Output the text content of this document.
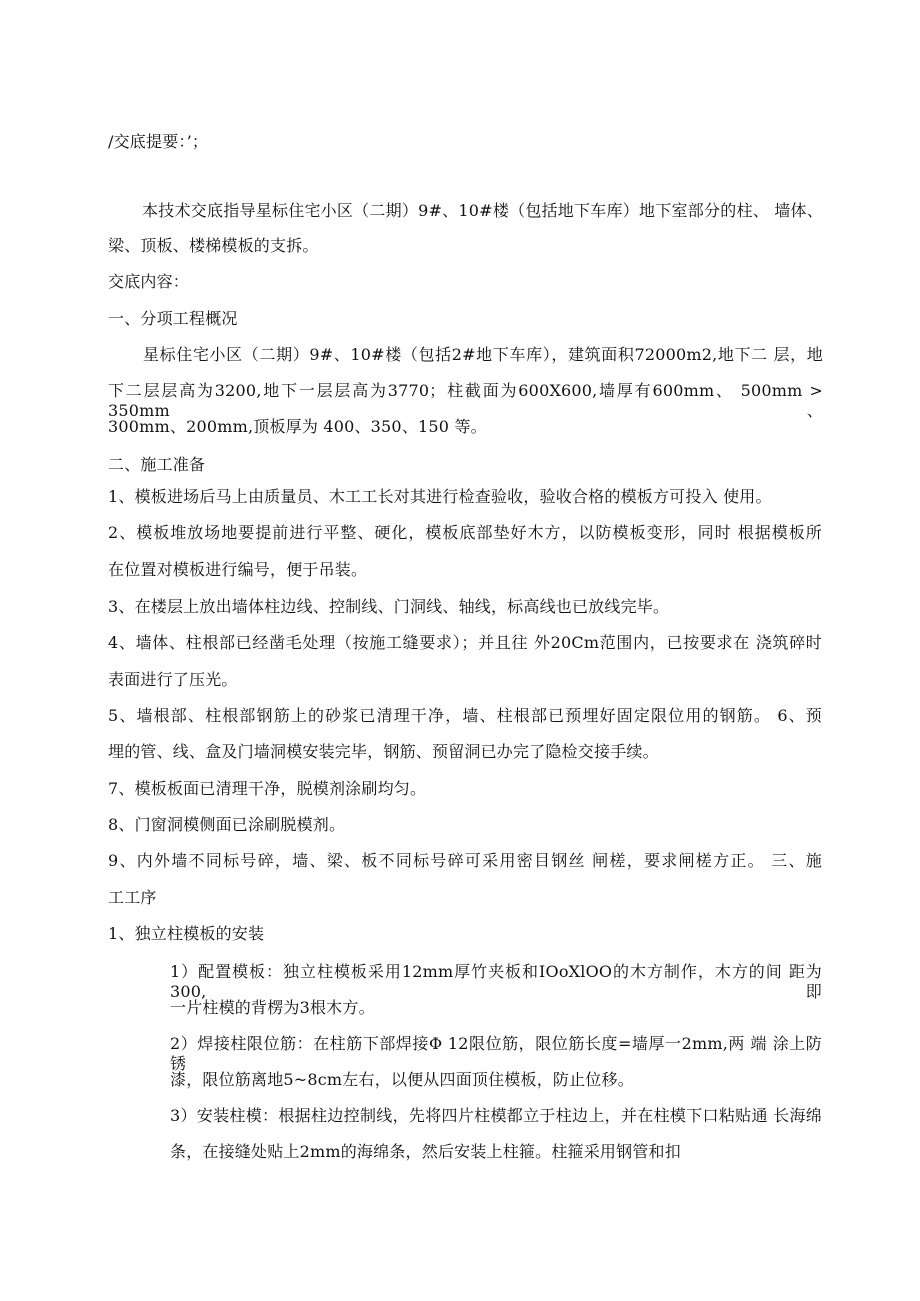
/交底提要：’；
本技术交底指导星标住宅小区（二期）9#、10#楼（包括地下车库）地下室部分的柱、 墙体、
梁、顶板、楼梯模板的支拆。
交底内容：
一、分项工程概况
星标住宅小区（二期）9#、10#楼（包括2#地下车库），建筑面积72000m2,地下二 层，地
下二层层高为3200,地下一层层高为3770；柱截面为600X600,墙厚有600mm、 500mm > 350mm、
300mm、200mm,顶板厚为 400、350、150 等。
二、施工准备
1、模板进场后马上由质量员、木工工长对其进行检查验收，验收合格的模板方可投入 使用。
2、模板堆放场地要提前进行平整、硬化，模板底部垫好木方，以防模板变形，同时 根据模板所
在位置对模板进行编号，便于吊装。
3、在楼层上放出墙体柱边线、控制线、门洞线、轴线，标高线也已放线完毕。
4、墙体、柱根部已经凿毛处理（按施工缝要求）；并且往 外20Cm范围内，已按要求在 浇筑碎时
表面进行了压光。
5、墙根部、柱根部钢筋上的砂浆已清理干净，墙、柱根部已预埋好固定限位用的钢筋。 6、预
埋的管、线、盒及门墙洞模安装完毕，钢筋、预留洞已办完了隐检交接手续。
7、模板板面已清理干净，脱模剂涂刷均匀。
8、门窗洞模侧面已涂刷脱模剂。
9、内外墙不同标号碎，墙、梁、板不同标号碎可采用密目钢丝 闸槎，要求闸槎方正。 三、施
工工序
1、独立柱模板的安装
1）配置模板：独立柱模板采用12mm厚竹夹板和IOoXlOO的木方制作，木方的间 距为300,即
一片柱模的背楞为3根木方。
2）焊接柱限位筋：在柱筋下部焊接Φ 12限位筋，限位筋长度=墙厚一2mm,两 端 涂上防锈
漆，限位筋离地5~8cm左右，以便从四面顶住模板，防止位移。
3）安装柱模：根据柱边控制线，先将四片柱模都立于柱边上，并在柱模下口粘贴通 长海绵
条，在接缝处贴上2mm的海绵条，然后安装上柱箍。柱箍采用钢管和扣
